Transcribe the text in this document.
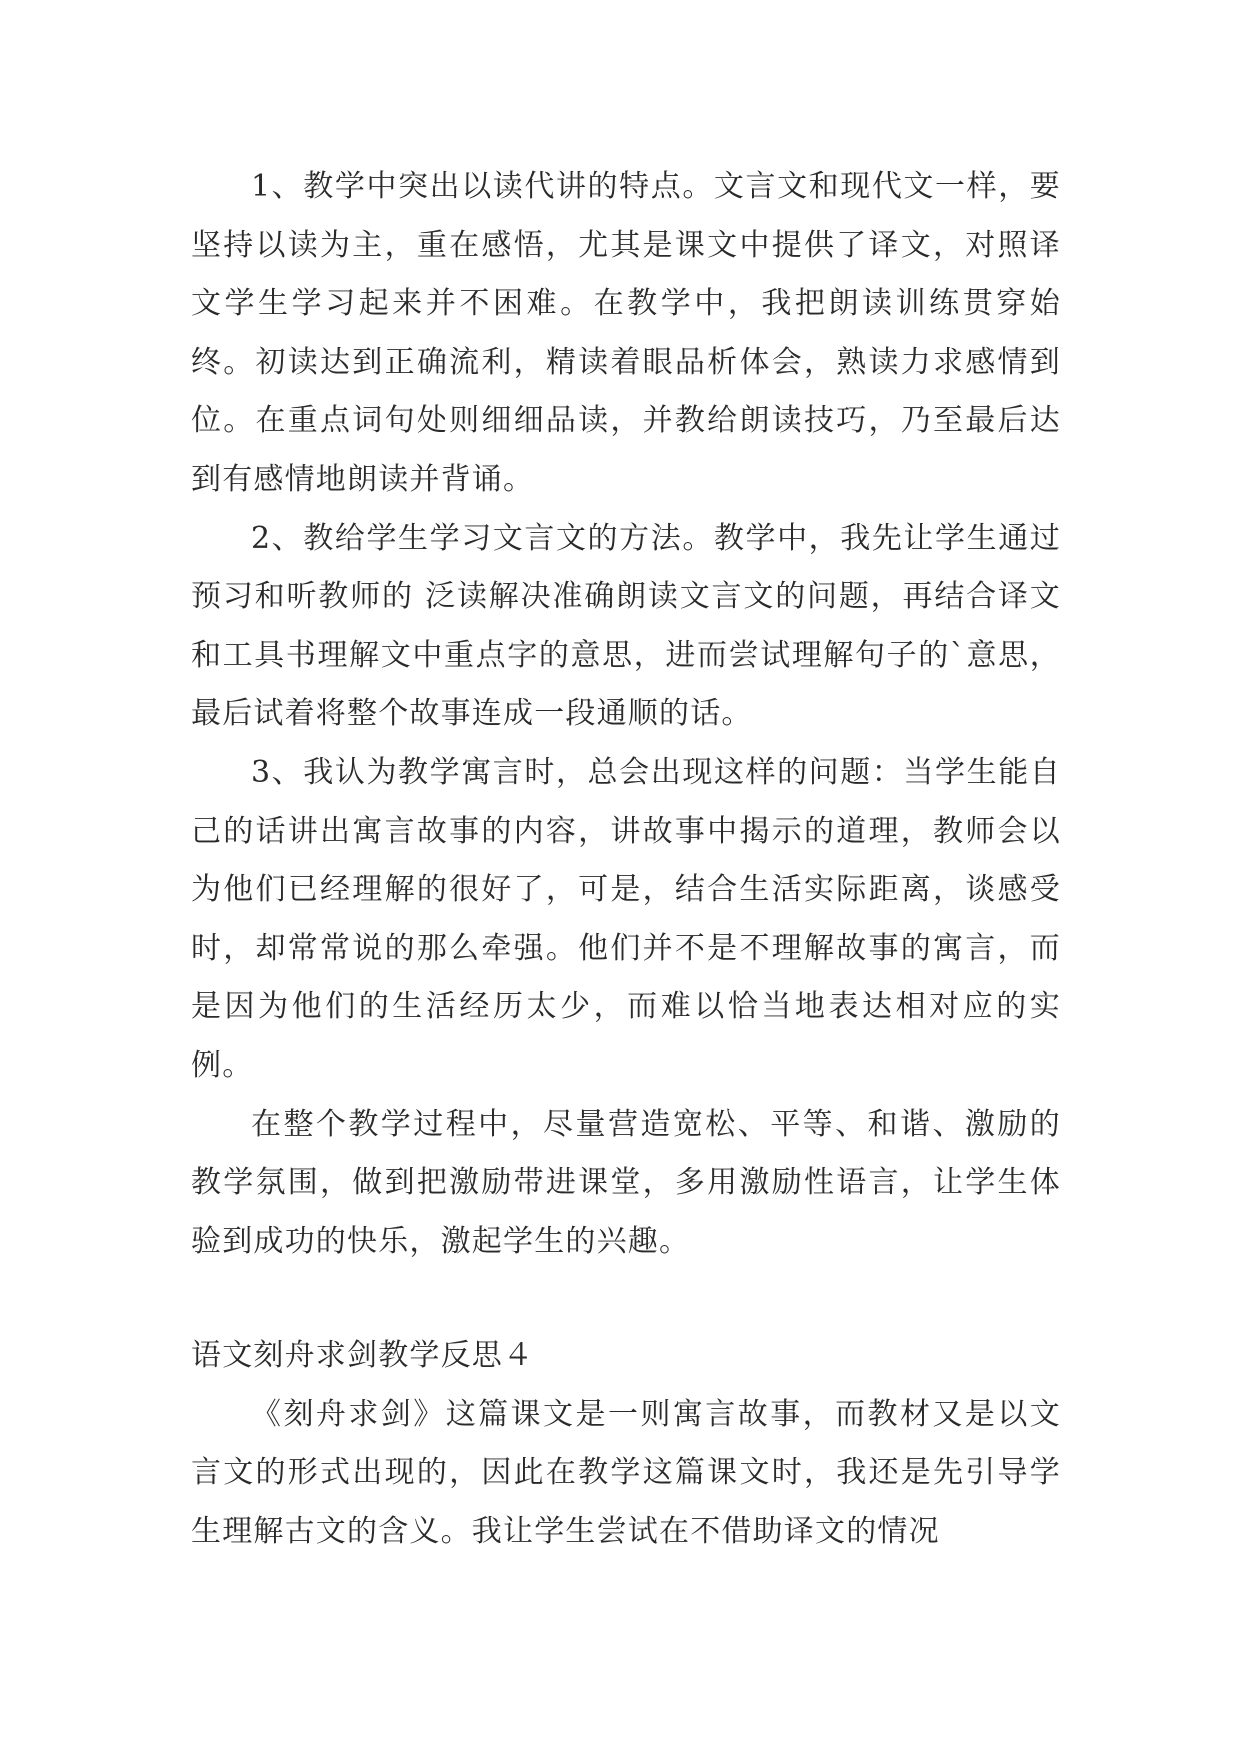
1、教学中突出以读代讲的特点。文言文和现代文一样，要坚持以读为主，重在感悟，尤其是课文中提供了译文，对照译文学生学习起来并不困难。在教学中，我把朗读训练贯穿始终。初读达到正确流利，精读着眼品析体会，熟读力求感情到位。在重点词句处则细细品读，并教给朗读技巧，乃至最后达到有感情地朗读并背诵。

2、教给学生学习文言文的方法。教学中，我先让学生通过预习和听教师的 泛读解决准确朗读文言文的问题，再结合译文和工具书理解文中重点字的意思，进而尝试理解句子的`意思，最后试着将整个故事连成一段通顺的话。

3、我认为教学寓言时，总会出现这样的问题：当学生能自己的话讲出寓言故事的内容，讲故事中揭示的道理，教师会以为他们已经理解的很好了，可是，结合生活实际距离，谈感受时，却常常说的那么牵强。他们并不是不理解故事的寓言，而是因为他们的生活经历太少，而难以恰当地表达相对应的实例。

在整个教学过程中，尽量营造宽松、平等、和谐、激励的教学氛围，做到把激励带进课堂，多用激励性语言，让学生体验到成功的快乐，激起学生的兴趣。

语文刻舟求剑教学反思４

《刻舟求剑》这篇课文是一则寓言故事，而教材又是以文言文的形式出现的，因此在教学这篇课文时，我还是先引导学生理解古文的含义。我让学生尝试在不借助译文的情况
